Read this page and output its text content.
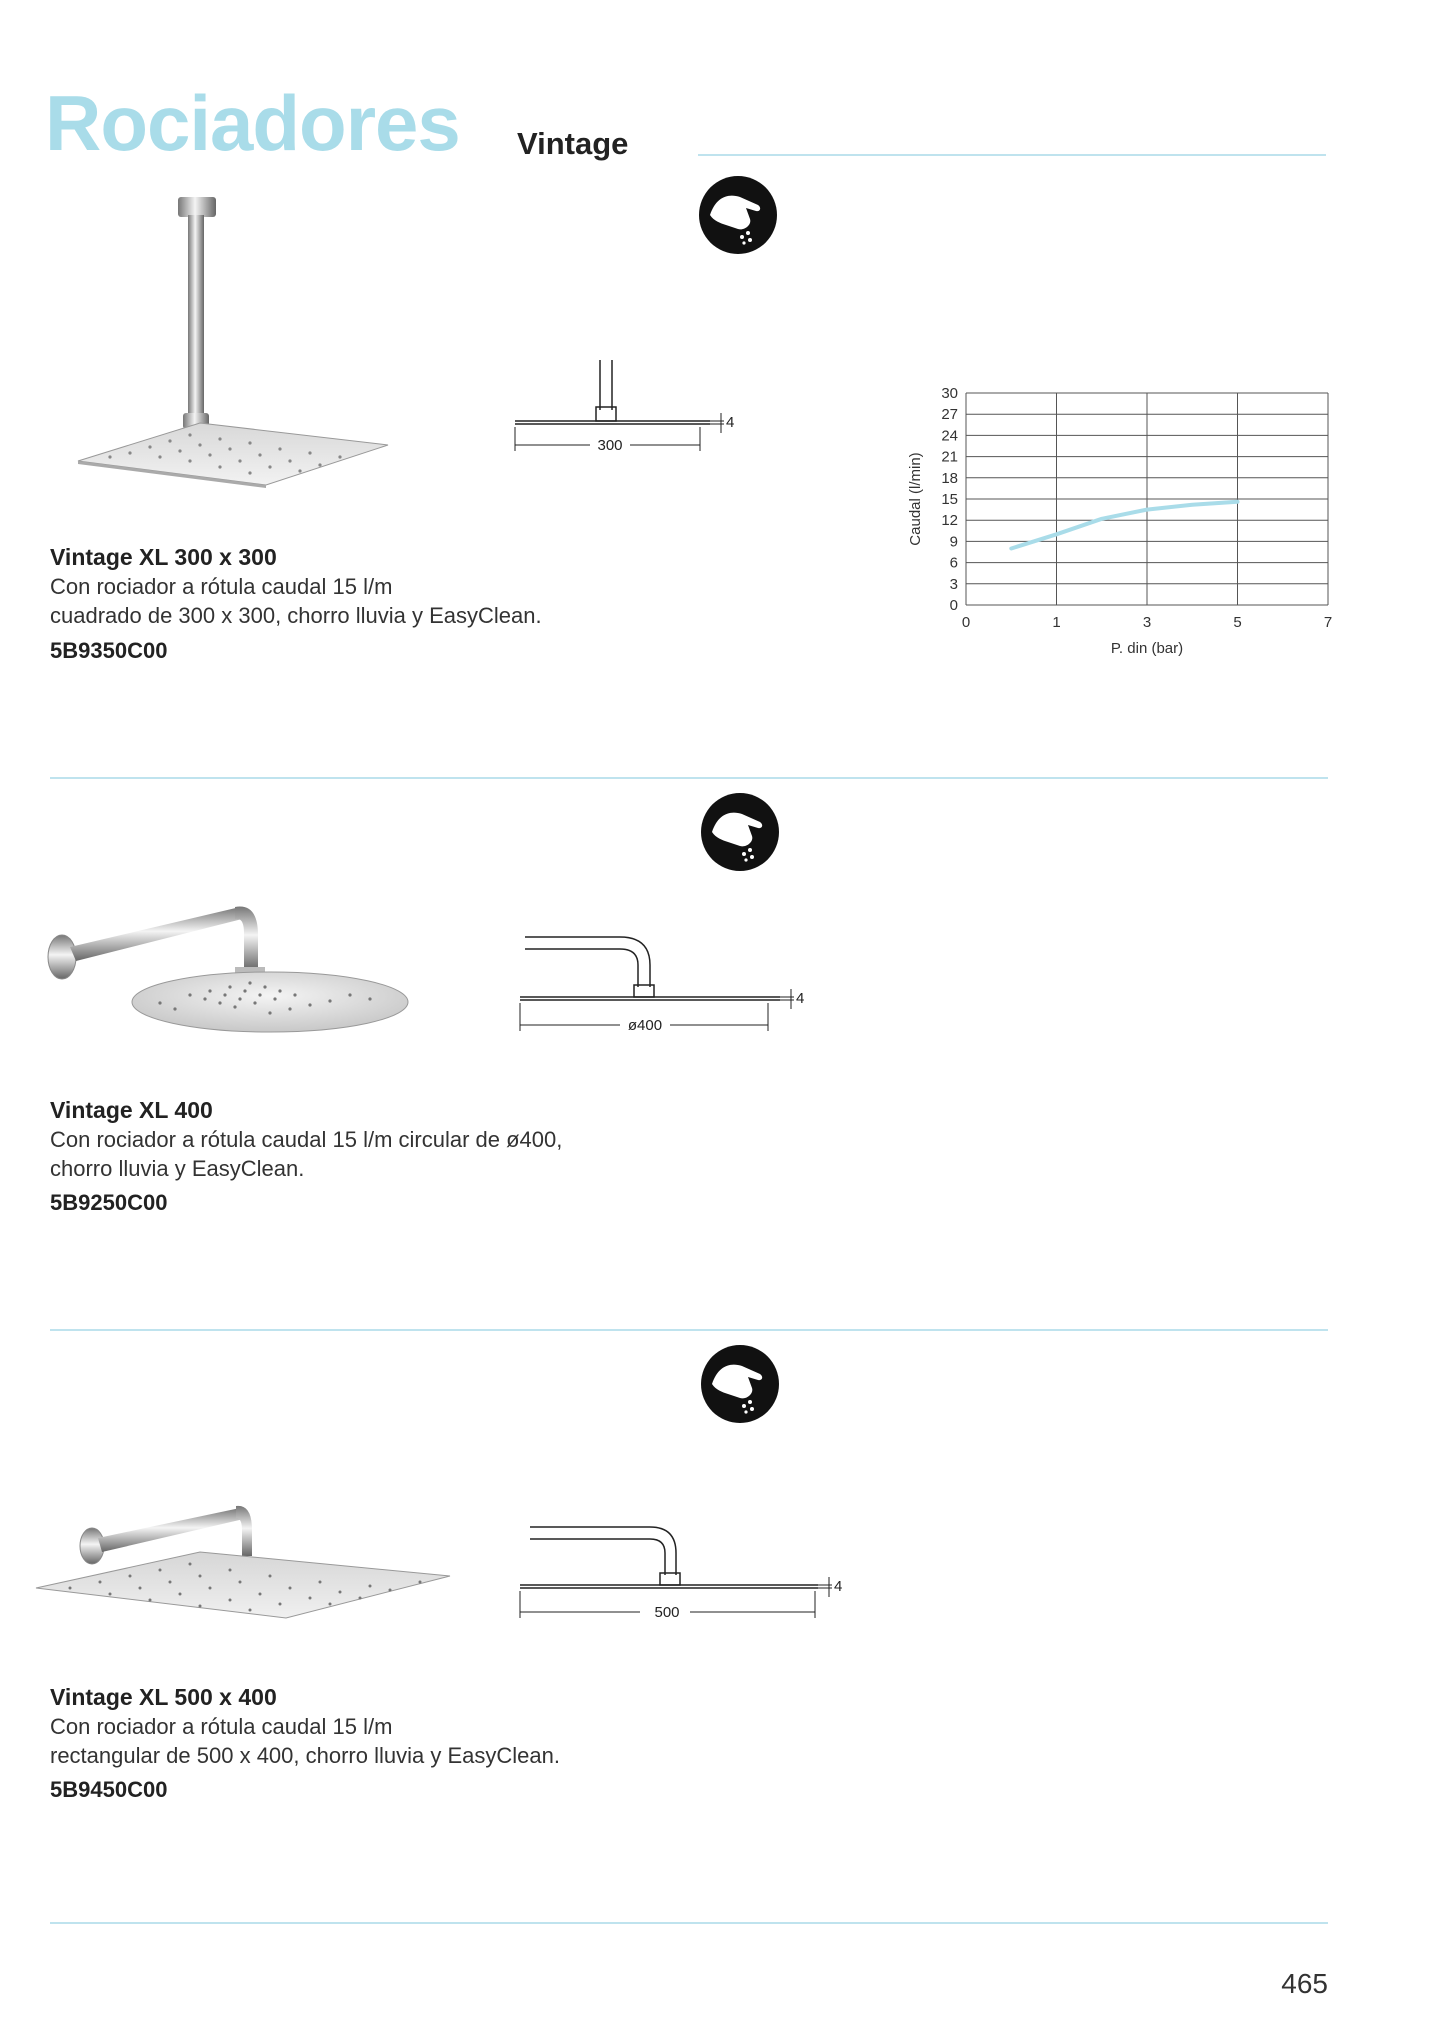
Rociadores Vintage
4
300
0
3
6
9
12
15
18
21
24
27
30
0	1	3	5	7
P. din (bar)
Caudal (l/min)
Vintage XL 300 x 300
Con rociador a rótula caudal 15 l/m
cuadrado de 300 x 300, chorro lluvia y EasyClean.
5B9350C00
4
ø400
Vintage XL 400
Con rociador a rótula caudal 15 l/m circular de ø400,
chorro lluvia y EasyClean.
5B9250C00
4
500
Vintage XL 500 x 400
Con rociador a rótula caudal 15 l/m
rectangular de 500 x 400, chorro lluvia y EasyClean.
5B9450C00
465
